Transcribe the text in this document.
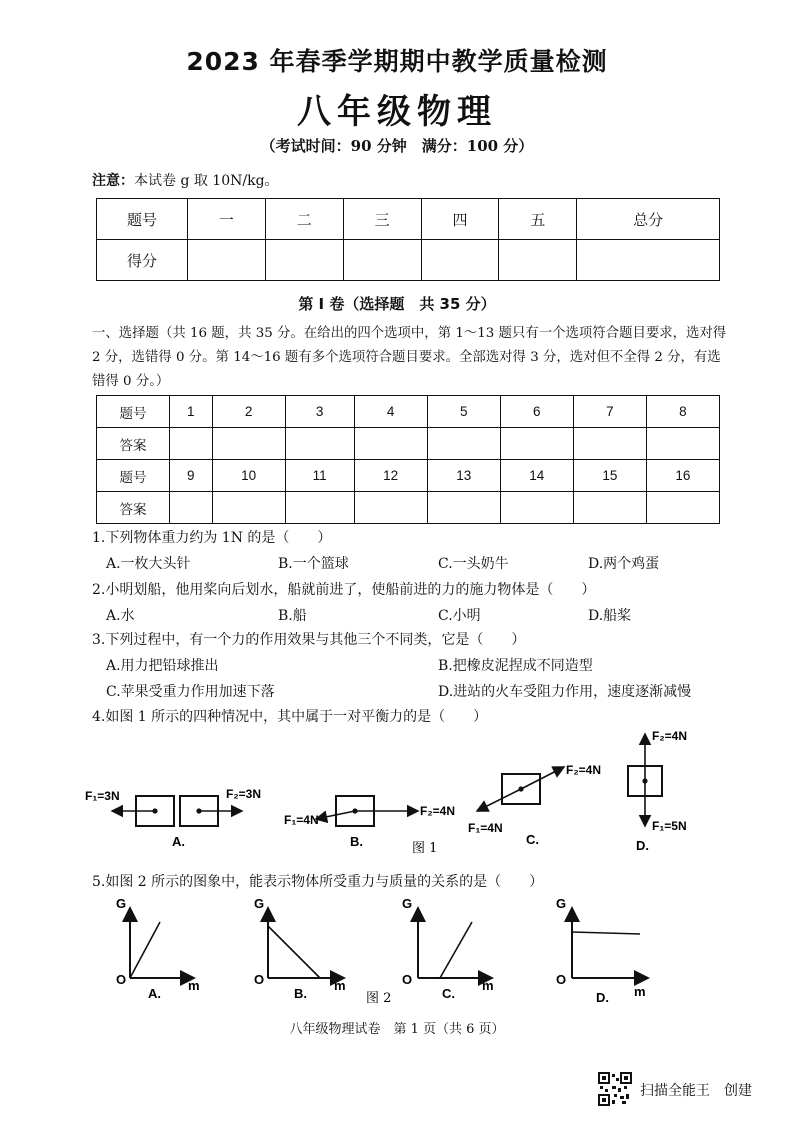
2023 年春季学期期中教学质量检测
八年级物理
（考试时间：90 分钟　满分：100 分）
注意：本试卷 g 取 10N/kg。
题号	一	二	三	四	五	总分
得分						
第 I 卷（选择题　共 35 分）
一、选择题（共 16 题，共 35 分。在给出的四个选项中，第 1～13 题只有一个选项符合题目要求，选对得 2 分，选错得 0 分。第 14～16 题有多个选项符合题目要求。全部选对得 3 分，选对但不全得 2 分，有选错得 0 分。）
题号	1	2	3	4	5	6	7	8
答案								
题号	9	10	11	12	13	14	15	16
答案								
1.下列物体重力约为 1N 的是（　　）
A.一枚大头针	B.一个篮球	C.一头奶牛	D.两个鸡蛋
2.小明划船，他用桨向后划水，船就前进了，使船前进的力的施力物体是（　　）
A.水	B.船	C.小明	D.船桨
3.下列过程中，有一个力的作用效果与其他三个不同类，它是（　　）
A.用力把铅球推出	B.把橡皮泥捏成不同造型
C.苹果受重力作用加速下落	D.进站的火车受阻力作用，速度逐渐减慢
4.如图 1 所示的四种情况中，其中属于一对平衡力的是（　　）
F₁=3N	F₂=3N
A.
F₁=4N
F₂=4N
B.
F₂=4N
F₁=4N
C.
F₂=4N
F₁=5N
D.
图 1
5.如图 2 所示的图象中，能表示物体所受重力与质量的关系的是（　　）
G
O	m
A.
G
O	m
B.
G
O	m
C.
G
O
m
D.
图 2
八年级物理试卷　第 1 页（共 6 页）
扫描全能王　创建
